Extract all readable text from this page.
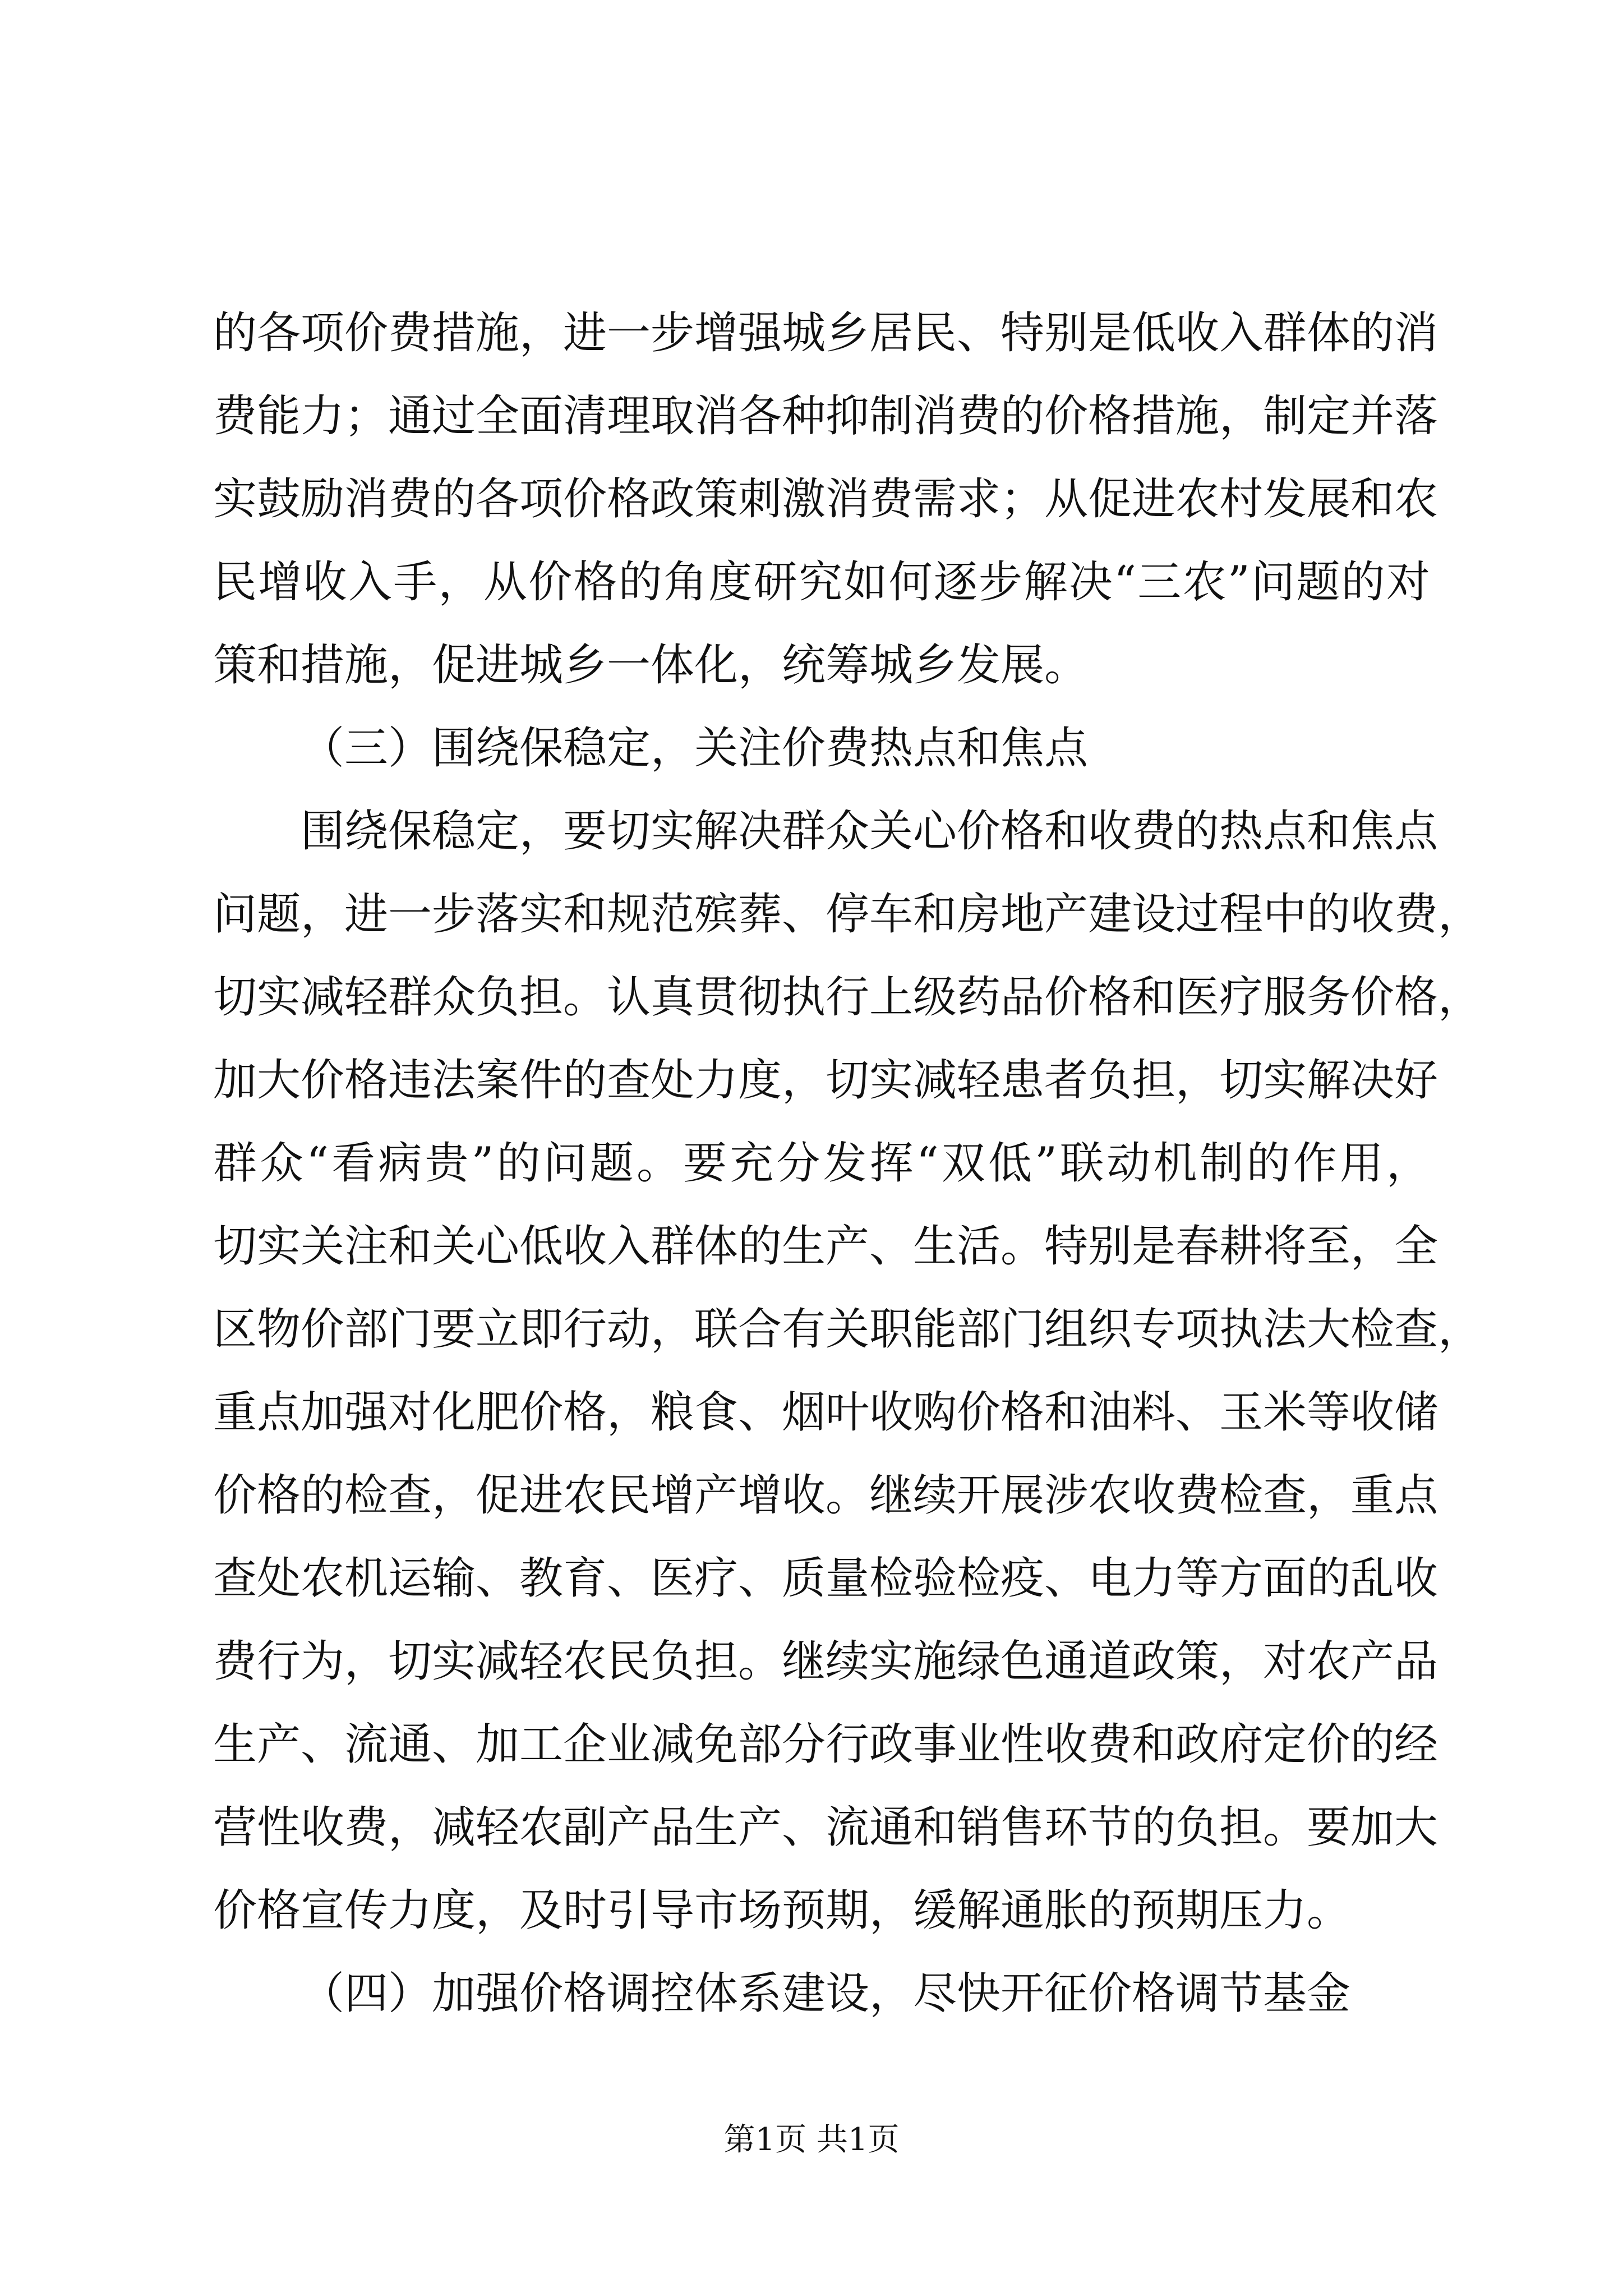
的各项价费措施，进一步增强城乡居民、特别是低收入群体的消
费能力；通过全面清理取消各种抑制消费的价格措施，制定并落
实鼓励消费的各项价格政策刺激消费需求；从促进农村发展和农
民增收入手，从价格的角度研究如何逐步解决“三农”问题的对
策和措施，促进城乡一体化，统筹城乡发展。
（三）围绕保稳定，关注价费热点和焦点
围绕保稳定，要切实解决群众关心价格和收费的热点和焦点
问题，进一步落实和规范殡葬、停车和房地产建设过程中的收费，
切实减轻群众负担。认真贯彻执行上级药品价格和医疗服务价格，
加大价格违法案件的查处力度，切实减轻患者负担，切实解决好
群众“看病贵”的问题。要充分发挥“双低”联动机制的作用，
切实关注和关心低收入群体的生产、生活。特别是春耕将至，全
区物价部门要立即行动，联合有关职能部门组织专项执法大检查，
重点加强对化肥价格，粮食、烟叶收购价格和油料、玉米等收储
价格的检查，促进农民增产增收。继续开展涉农收费检查，重点
查处农机运输、教育、医疗、质量检验检疫、电力等方面的乱收
费行为，切实减轻农民负担。继续实施绿色通道政策，对农产品
生产、流通、加工企业减免部分行政事业性收费和政府定价的经
营性收费，减轻农副产品生产、流通和销售环节的负担。要加大
价格宣传力度，及时引导市场预期，缓解通胀的预期压力。
（四）加强价格调控体系建设，尽快开征价格调节基金
第1页 共1页
